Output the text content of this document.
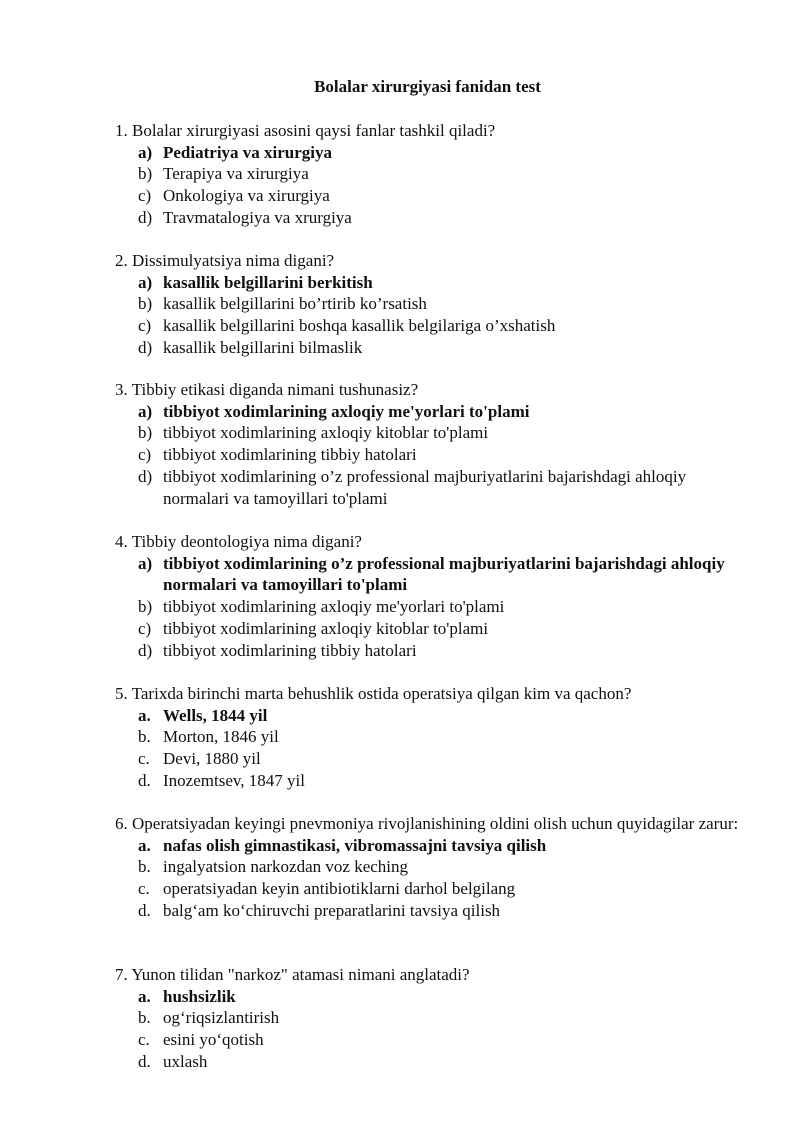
Bolalar xirurgiyasi fanidan test
1. Bolalar xirurgiyasi asosini qaysi fanlar tashkil qiladi?
a) Pediatriya va xirurgiya
b) Terapiya va xirurgiya
c) Onkologiya va xirurgiya
d) Travmatalogiya va xrurgiya
2. Dissimulyatsiya nima digani?
a) kasallik belgillarini berkitish
b) kasallik belgillarini bo’rtirib ko’rsatish
c) kasallik belgillarini boshqa kasallik belgilariga o’xshatish
d) kasallik belgillarini bilmaslik
3. Tibbiy etikasi diganda nimani tushunasiz?
a) tibbiyot xodimlarining axloqiy me'yorlari to'plami
b) tibbiyot xodimlarining axloqiy kitoblar to'plami
c) tibbiyot xodimlarining tibbiy hatolari
d) tibbiyot xodimlarining o’z professional majburiyatlarini bajarishdagi ahloqiy normalari va tamoyillari to'plami
4. Tibbiy deontologiya nima digani?
a) tibbiyot xodimlarining o’z professional majburiyatlarini bajarishdagi ahloqiy normalari va tamoyillari to'plami
b) tibbiyot xodimlarining axloqiy me'yorlari to'plami
c) tibbiyot xodimlarining axloqiy kitoblar to'plami
d) tibbiyot xodimlarining tibbiy hatolari
5. Tarixda birinchi marta behushlik ostida operatsiya qilgan kim va qachon?
a. Wells, 1844 yil
b. Morton, 1846 yil
c. Devi, 1880 yil
d. Inozemtsev, 1847 yil
6. Operatsiyadan keyingi pnevmoniya rivojlanishining oldini olish uchun quyidagilar zarur:
a. nafas olish gimnastikasi, vibromassajni tavsiya qilish
b. ingalyatsion narkozdan voz keching
c. operatsiyadan keyin antibiotiklarni darhol belgilang
d. balg‘am ko‘chiruvchi preparatlarini tavsiya qilish
7. Yunon tilidan "narkoz" atamasi nimani anglatadi?
a. hushsizlik
b. og‘riqsizlantirish
c. esini yo‘qotish
d. uxlash
